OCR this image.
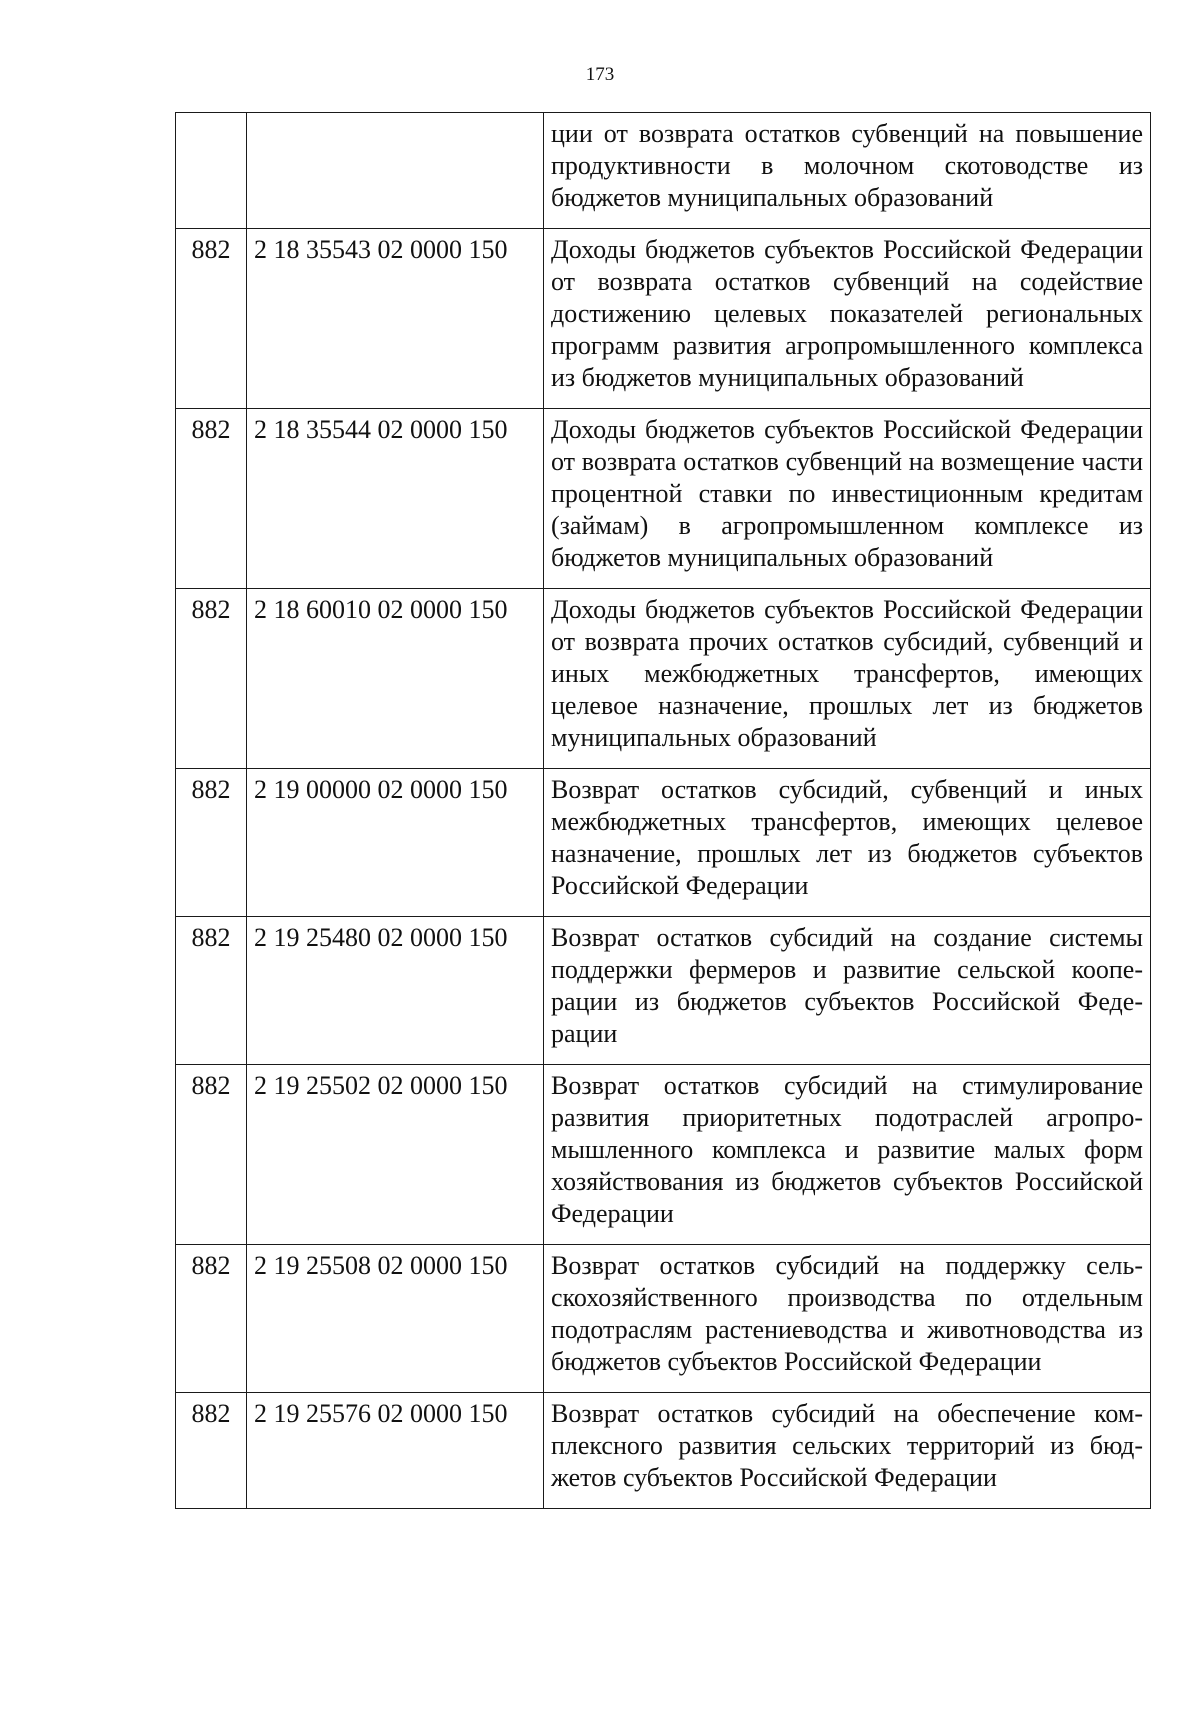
173
		ции от возврата остатков субвенций на повышение продуктивности в молочном скотоводстве из бюджетов муниципальных образований
882	2 18 35543 02 0000 150	Доходы бюджетов субъектов Российской Федерации от возврата остатков субвенций на содействие достижению целевых показателей региональных программ развития агропромышленного комплекса из бюджетов муниципальных образований
882	2 18 35544 02 0000 150	Доходы бюджетов субъектов Российской Федерации от возврата остатков субвенций на возмещение части процентной ставки по инвестиционным кредитам (займам) в агропромышленном комплексе из бюджетов муниципальных образований
882	2 18 60010 02 0000 150	Доходы бюджетов субъектов Российской Федерации от возврата прочих остатков субсидий, субвенций и иных межбюджетных трансфертов, имеющих целевое назначение, прошлых лет из бюджетов муниципальных образований
882	2 19 00000 02 0000 150	Возврат остатков субсидий, субвенций и иных межбюджетных трансфертов, имеющих целевое назначение, прошлых лет из бюджетов субъектов Российской Федерации
882	2 19 25480 02 0000 150	Возврат остатков субсидий на создание системы поддержки фермеров и развитие сельской кооперации из бюджетов субъектов Российской Федерации
882	2 19 25502 02 0000 150	Возврат остатков субсидий на стимулирование развития приоритетных подотраслей агропромышленного комплекса и развитие малых форм хозяйствования из бюджетов субъектов Российской Федерации
882	2 19 25508 02 0000 150	Возврат остатков субсидий на поддержку сельскохозяйственного производства по отдельным подотраслям растениеводства и животноводства из бюджетов субъектов Российской Федерации
882	2 19 25576 02 0000 150	Возврат остатков субсидий на обеспечение комплексного развития сельских территорий из бюджетов субъектов Российской Федерации
